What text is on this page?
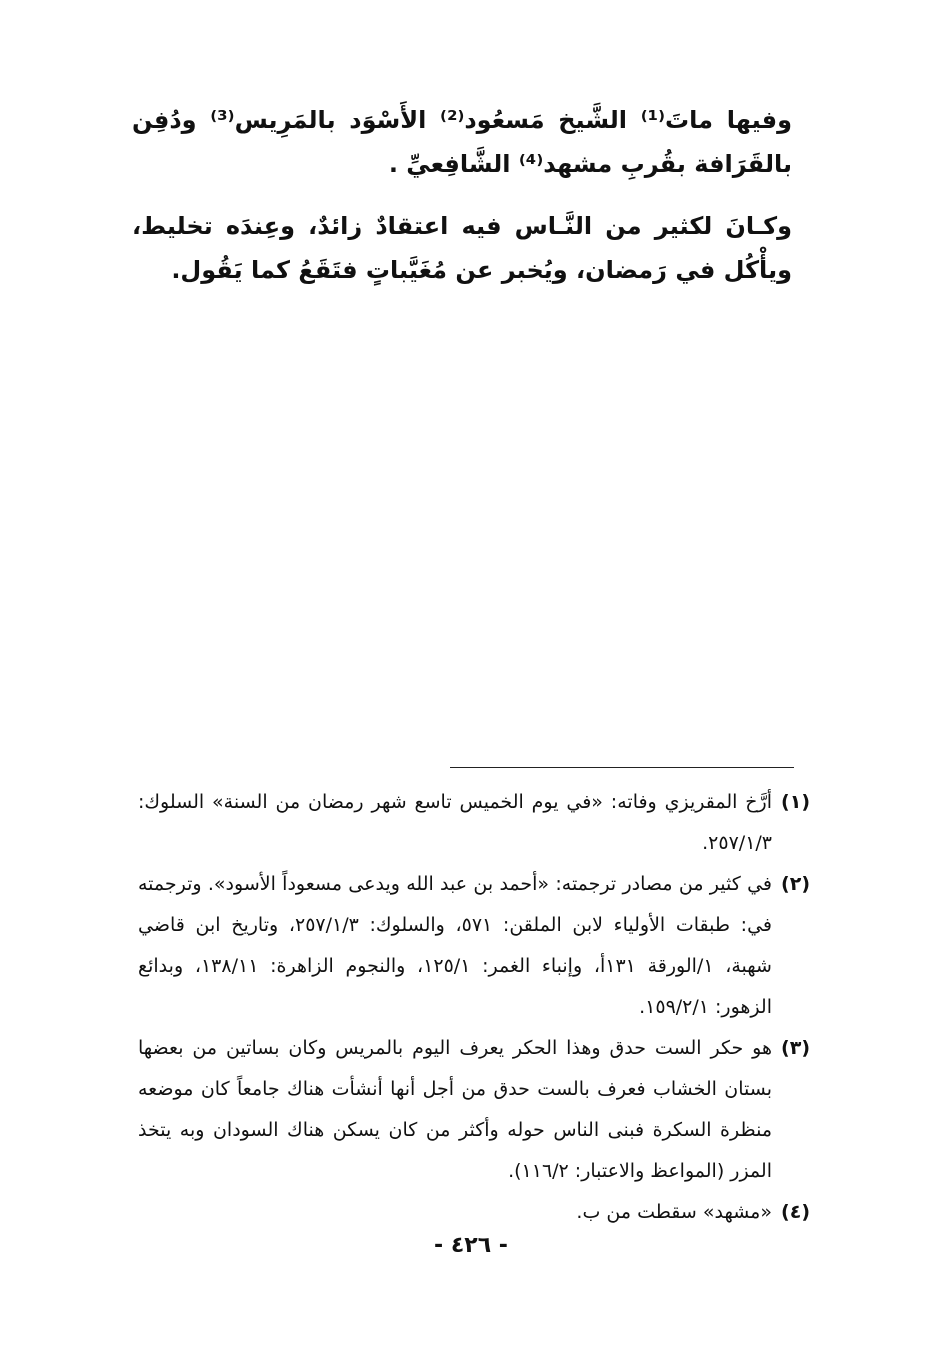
وفيها ماتَ⁽¹⁾ الشَّيخ مَسعُود⁽²⁾ الأَسْوَد بالمَرِيس⁽³⁾ ودُفِن بالقَرَافة بقُربِ مشهد⁽⁴⁾ الشَّافِعيِّ .

وكـانَ لكثير من النَّـاس فيه اعتقادٌ زائدٌ، وعِندَه تخليط، ويأْكُل في رَمضان، ويُخبر عن مُغَيَّباتٍ فتَقَعُ كما يَقُول.

(١)
أرَّخ المقريزي وفاته: «في يوم الخميس تاسع شهر رمضان من السنة» السلوك: ٢٥٧/١/٣.
(٢)
في كثير من مصادر ترجمته: «أحمد بن عبد الله ويدعى مسعوداً الأسود». وترجمته في: طبقات الأولياء لابن الملقن: ٥٧١، والسلوك: ٢٥٧/١/٣، وتاريخ ابن قاضي شهبة، ١/الورقة ١٣١أ، وإنباء الغمر: ١٢٥/١، والنجوم الزاهرة: ١٣٨/١١، وبدائع الزهور: ١٥٩/٢/١.
(٣)
هو حكر الست حدق وهذا الحكر يعرف اليوم بالمريس وكان بساتين من بعضها بستان الخشاب فعرف بالست حدق من أجل أنها أنشأت هناك جامعاً كان موضعه منظرة السكرة فبنى الناس حوله وأكثر من كان يسكن هناك السودان وبه يتخذ المزر (المواعظ والاعتبار: ١١٦/٢).
(٤)
«مشهد» سقطت من ب.
- ٤٢٦ -
